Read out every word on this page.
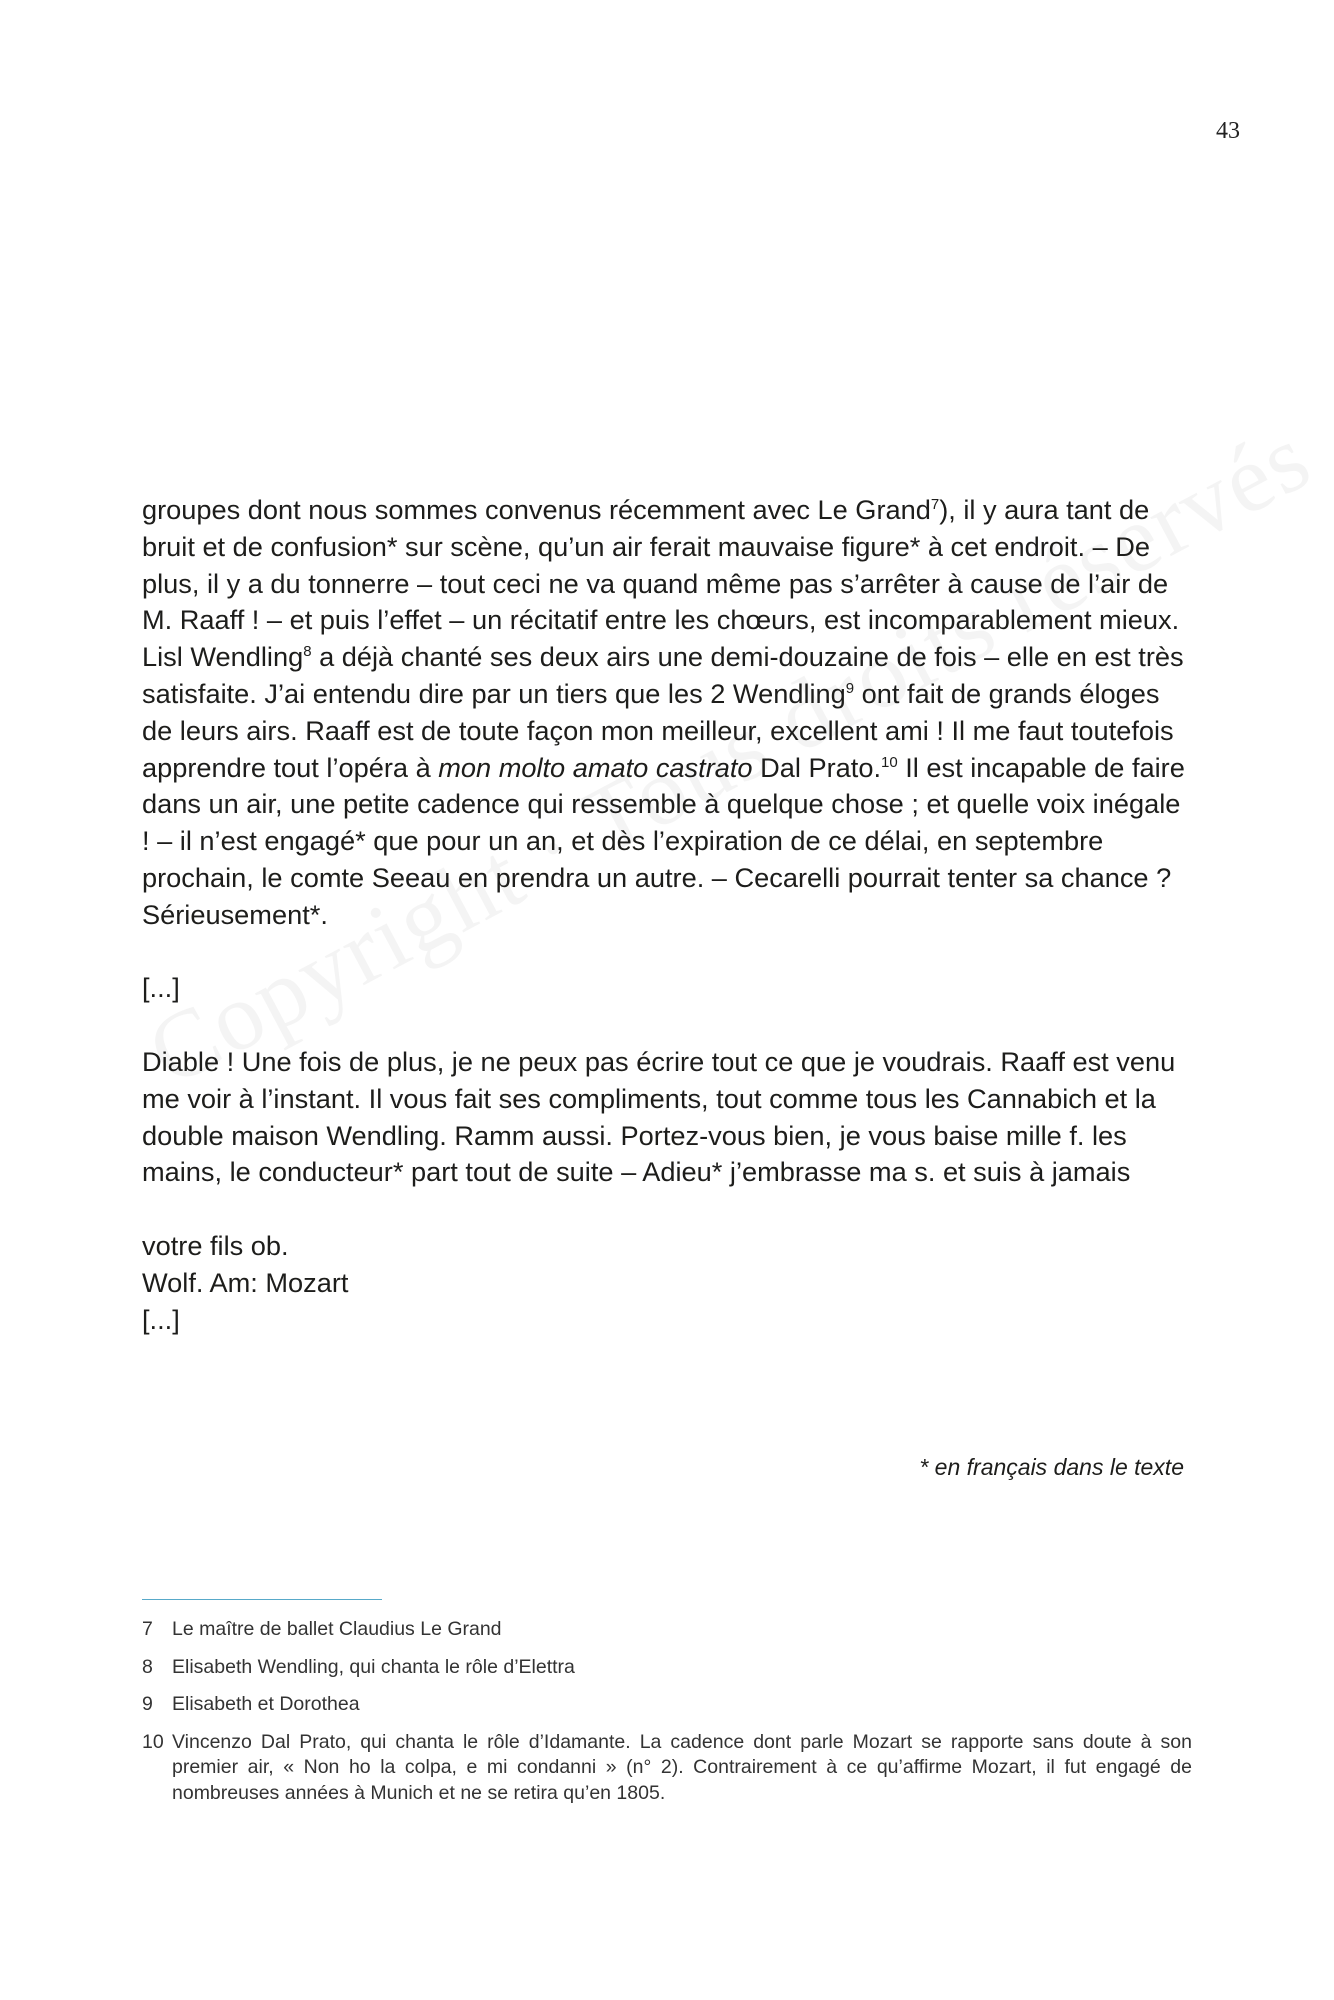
43

groupes dont nous sommes convenus récemment avec Le Grand$^7$), il y aura tant de bruit et de confusion* sur scène, qu’un air ferait mauvaise figure* à cet endroit. – De plus, il y a du tonnerre – tout ceci ne va quand même pas s’arrêter à cause de l’air de M. Raaff ! – et puis l’effet – un récitatif entre les chœurs, est incomparablement mieux. Lisl Wendling$^8$ a déjà chanté ses deux airs une demi-douzaine de fois – elle en est très satisfaite. J’ai entendu dire par un tiers que les 2 Wendling$^9$ ont fait de grands éloges de leurs airs. Raaff est de toute façon mon meilleur, excellent ami ! Il me faut toutefois apprendre tout l’opéra à mon molto amato castrato Dal Prato.$^{10}$ Il est incapable de faire dans un air, une petite cadence qui ressemble à quelque chose ; et quelle voix inégale ! – il n’est engagé* que pour un an, et dès l’expiration de ce délai, en septembre prochain, le comte Seeau en prendra un autre. – Cecarelli pourrait tenter sa chance ? Sérieusement*.

[...]

Diable ! Une fois de plus, je ne peux pas écrire tout ce que je voudrais. Raaff est venu me voir à l’instant. Il vous fait ses compliments, tout comme tous les Cannabich et la double maison Wendling. Ramm aussi. Portez-vous bien, je vous baise mille f. les mains, le conducteur* part tout de suite – Adieu* j’embrasse ma s. et suis à jamais

votre fils ob.

Wolf. Am: Mozart

[...]

* en français dans le texte
7 Le maître de ballet Claudius Le Grand
8 Elisabeth Wendling, qui chanta le rôle d’Elettra
9 Elisabeth et Dorothea
10 Vincenzo Dal Prato, qui chanta le rôle d’Idamante. La cadence dont parle Mozart se rapporte sans doute à son premier air, « Non ho la colpa, e mi condanni » (n° 2). Contrairement à ce qu’affirme Mozart, il fut engagé de nombreuses années à Munich et ne se retira qu’en 1805.
